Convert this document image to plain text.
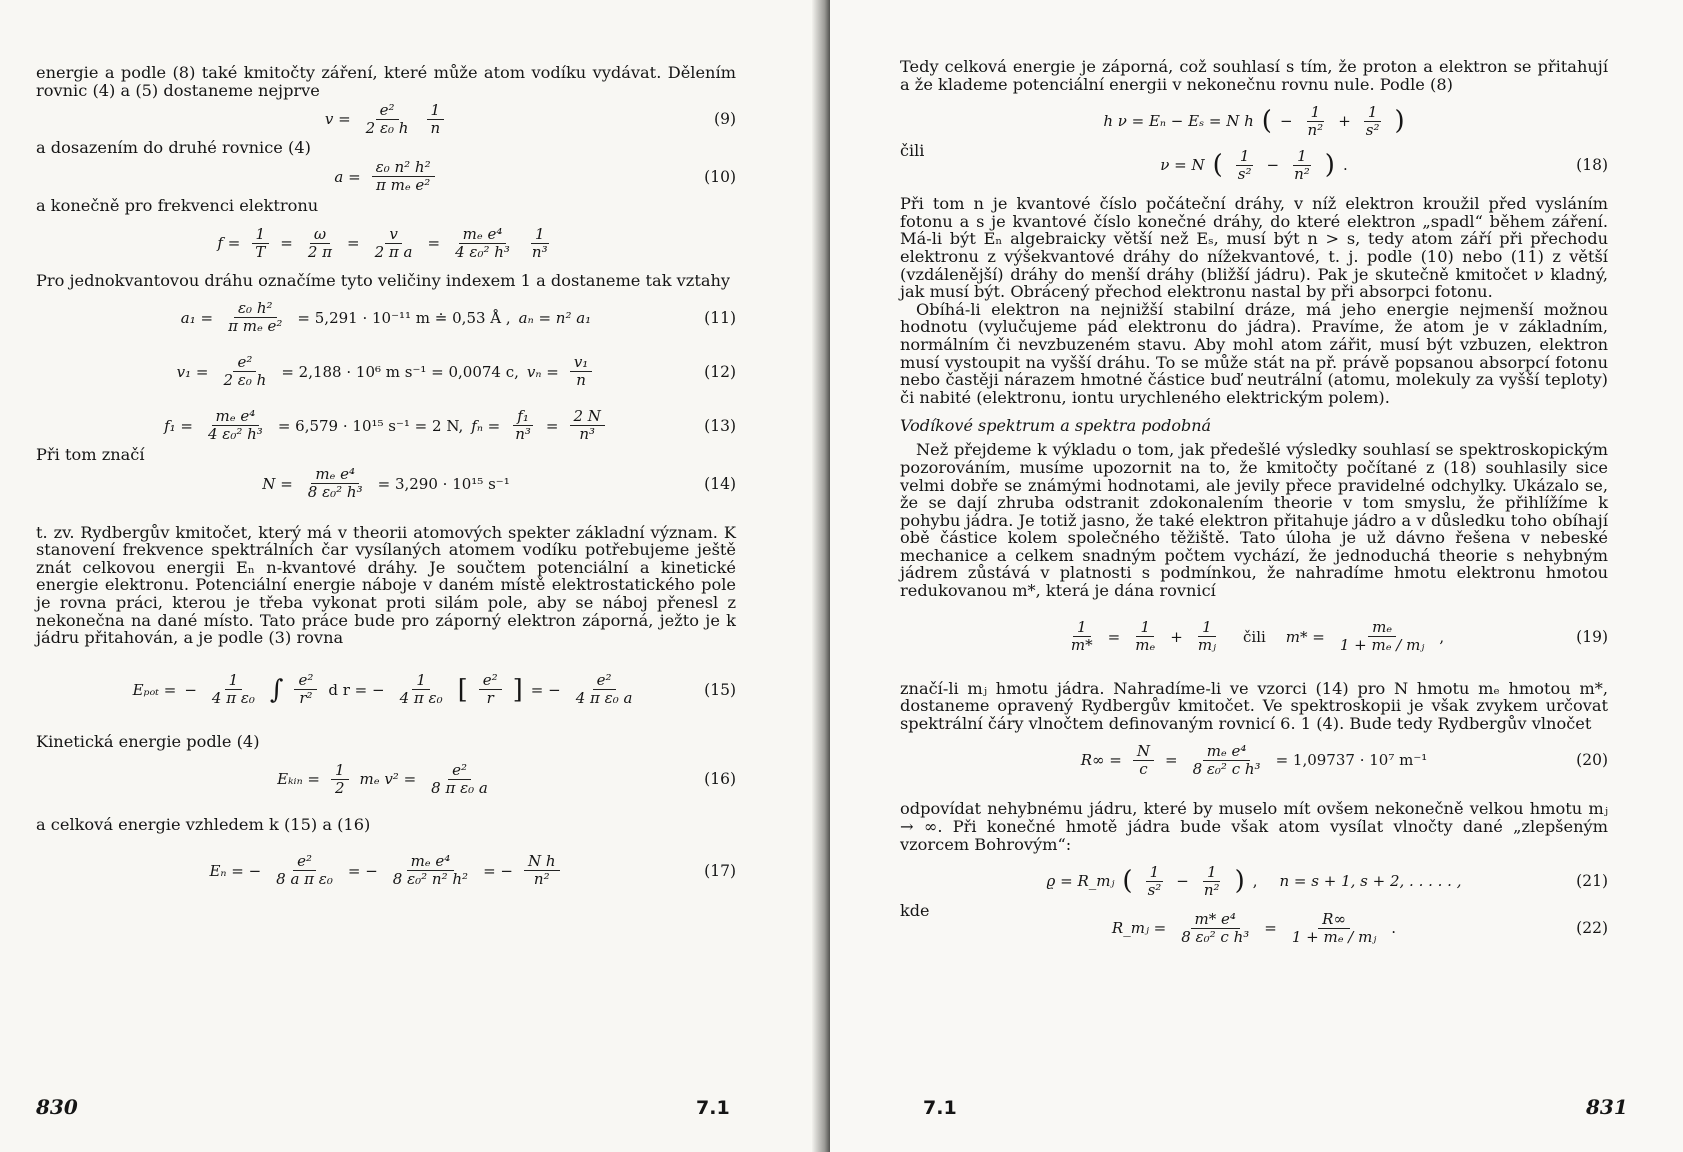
energie a podle (8) také kmitočty záření, které může atom vodíku vydávat. Dělením rovnic (4) a (5) dostaneme nejprve

$v = \frac{\text{e²}}{\text{2 ε₀ h}} \frac{1}{n}$	(9)

a dosazením do druhé rovnice (4)

$a = \frac{\text{ε₀ n² h²}}{\text{π mₑ e²}}$	(10)

a konečně pro frekvenci elektronu

$f = \frac{1}{T} = \frac{\omega}{2 \pi} = \frac{v}{\text{2 π a}} = \frac{\text{mₑ e⁴}}{\text{4 ε₀² h³}} \frac{1}{\text{n³}}$

Pro jednokvantovou dráhu označíme tyto veličiny indexem 1 a dostaneme tak vztahy

$a_1 = \frac{\text{ε₀ h²}}{\text{π mₑ e²}} = 5,291 \cdot 10^{-11}$ m ≐ 0,53 Å , aₙ = n² a₁	(11)
$v_1 = \frac{\text{e²}}{\text{2 ε₀ h}} = 2,188 \cdot 10^6$ m s⁻¹ = 0,0074 c, $v_n = \frac{\text{v₁}}{n}$	(12)
$f_1 = \frac{\text{mₑ e⁴}}{\text{4 ε₀² h³}} = 6,579 \cdot 10^{15}$ s⁻¹ = 2 N, $f_n = \frac{\text{f₁}}{\text{n³}} = \frac{2 N}{\text{n³}}$	(13)

Při tom značí

$N = \frac{\text{mₑ e⁴}}{\text{8 ε₀² h³}} = 3,290 \cdot 10^{15}$ s⁻¹	(14)

t. zv. Rydbergův kmitočet, který má v theorii atomových spekter základní význam. K stanovení frekvence spektrálních čar vysílaných atomem vodíku potřebujeme ještě znát celkovou energii Eₙ n-kvantové dráhy. Je součtem potenciální a kinetické energie elektronu. Potenciální energie náboje v daném místě elektrostatického pole je rovna práci, kterou je třeba vykonat proti silám pole, aby se náboj přenesl z nekonečna na dané místo. Tato práce bude pro záporný elektron záporná, ježto je k jádru přitahován, a je podle (3) rovna

Eₚₒₜ = − $\frac{1}{\text{4 π ε₀}}$ ∫ $\frac{\text{e²}}{\text{r²}}$ d r = − $\frac{1}{\text{4 π ε₀}}$ [ $\frac{\text{e²}}{r}$ ] = − $\frac{\text{e²}}{\text{4 π ε₀ a}}$	(15)

Kinetická energie podle (4)

Eₖᵢₙ = $\frac{1}{2}$ mₑ $v^2 = \frac{\text{e²}}{\text{8 π ε₀ a}}$	(16)

a celková energie vzhledem k (15) a (16)

Eₙ = − $\frac{\text{e²}}{\text{8 a π ε₀}}$ = − $\frac{\text{mₑ e⁴}}{\text{8 ε₀² n² h²}}$ = − $\frac{\text{N h}}{\text{n²}}$	(17)
830	7.1

Tedy celková energie je záporná, což souhlasí s tím, že proton a elektron se přitahují a že klademe potenciální energii v nekonečnu rovnu nule. Podle (8)

h ν = Eₙ − Eₛ = N h ( − $\frac{1}{\text{n²}} + \frac{1}{\text{s²}}$ )
čili
ν = N ( $\frac{1}{\text{s²}} - \frac{1}{\text{n²}}$ ) .	(18)

Při tom n je kvantové číslo počáteční dráhy, v níž elektron kroužil před vysláním fotonu a s je kvantové číslo konečné dráhy, do které elektron „spadl“ během záření. Má-li být Eₙ algebraicky větší než Eₛ, musí být n > s, tedy atom září při přechodu elektronu z výšekvantové dráhy do nížekvantové, t. j. podle (10) nebo (11) z větší (vzdálenější) dráhy do menší dráhy (bližší jádru). Pak je skutečně kmitočet ν kladný, jak musí být. Obrácený přechod elektronu nastal by při absorpci fotonu.

Obíhá-li elektron na nejnižší stabilní dráze, má jeho energie nejmenší možnou hodnotu (vylučujeme pád elektronu do jádra). Pravíme, že atom je v základním, normálním či nevzbuzeném stavu. Aby mohl atom zářit, musí být vzbuzen, elektron musí vystoupit na vyšší dráhu. To se může stát na př. právě popsanou absorpcí fotonu nebo častěji nárazem hmotné částice buď neutrální (atomu, molekuly za vyšší teploty) či nabité (elektronu, iontu urychleného elektrickým polem).

Vodíkové spektrum a spektra podobná

Než přejdeme k výkladu o tom, jak předešlé výsledky souhlasí se spektroskopickým pozorováním, musíme upozornit na to, že kmitočty počítané z (18) souhlasily sice velmi dobře se známými hodnotami, ale jevily přece pravidelné odchylky. Ukázalo se, že se dají zhruba odstranit zdokonalením theorie v tom smyslu, že přihlížíme k pohybu jádra. Je totiž jasno, že také elektron přitahuje jádro a v důsledku toho obíhají obě částice kolem společného těžiště. Tato úloha je už dávno řešena v nebeské mechanice a celkem snadným počtem vychází, že jednoduchá theorie s nehybným jádrem zůstává v platnosti s podmínkou, že nahradíme hmotu elektronu hmotou redukovanou m*, která je dána rovnicí

$\frac{1}{m*} = \frac{1}{\text{mₑ}} + \frac{1}{\text{mⱼ}}$ čili $m* = \frac{\text{mₑ}}{\text{1 + mₑ / mⱼ}}$ ,	(19)

značí-li mⱼ hmotu jádra. Nahradíme-li ve vzorci (14) pro N hmotu mₑ hmotou m*, dostaneme opravený Rydbergův kmitočet. Ve spektroskopii je však zvykem určovat spektrální čáry vlnočtem definovaným rovnicí 6. 1 (4). Bude tedy Rydbergův vlnočet

$R\infty = \frac{N}{c} = \frac{\text{mₑ e⁴}}{\text{8 ε₀² c h³}} = 1,09737 \cdot 10^7$ m⁻¹	(20)

odpovídat nehybnému jádru, které by muselo mít ovšem nekonečně velkou hmotu mⱼ → ∞. Při konečné hmotě jádra bude však atom vysílat vlnočty dané „zlepšeným vzorcem Bohrovým“:

ϱ = R_mⱼ ( $\frac{1}{\text{s²}} - \frac{1}{\text{n²}}$ ) , n = s + 1, s + 2, . . . . . ,	(21)
kde
R_mⱼ = $\frac{\text{m* e⁴}}{\text{8 ε₀² c h³}} = \frac{R\infty}{\text{1 + mₑ / mⱼ}}$ .	(22)
7.1	831
